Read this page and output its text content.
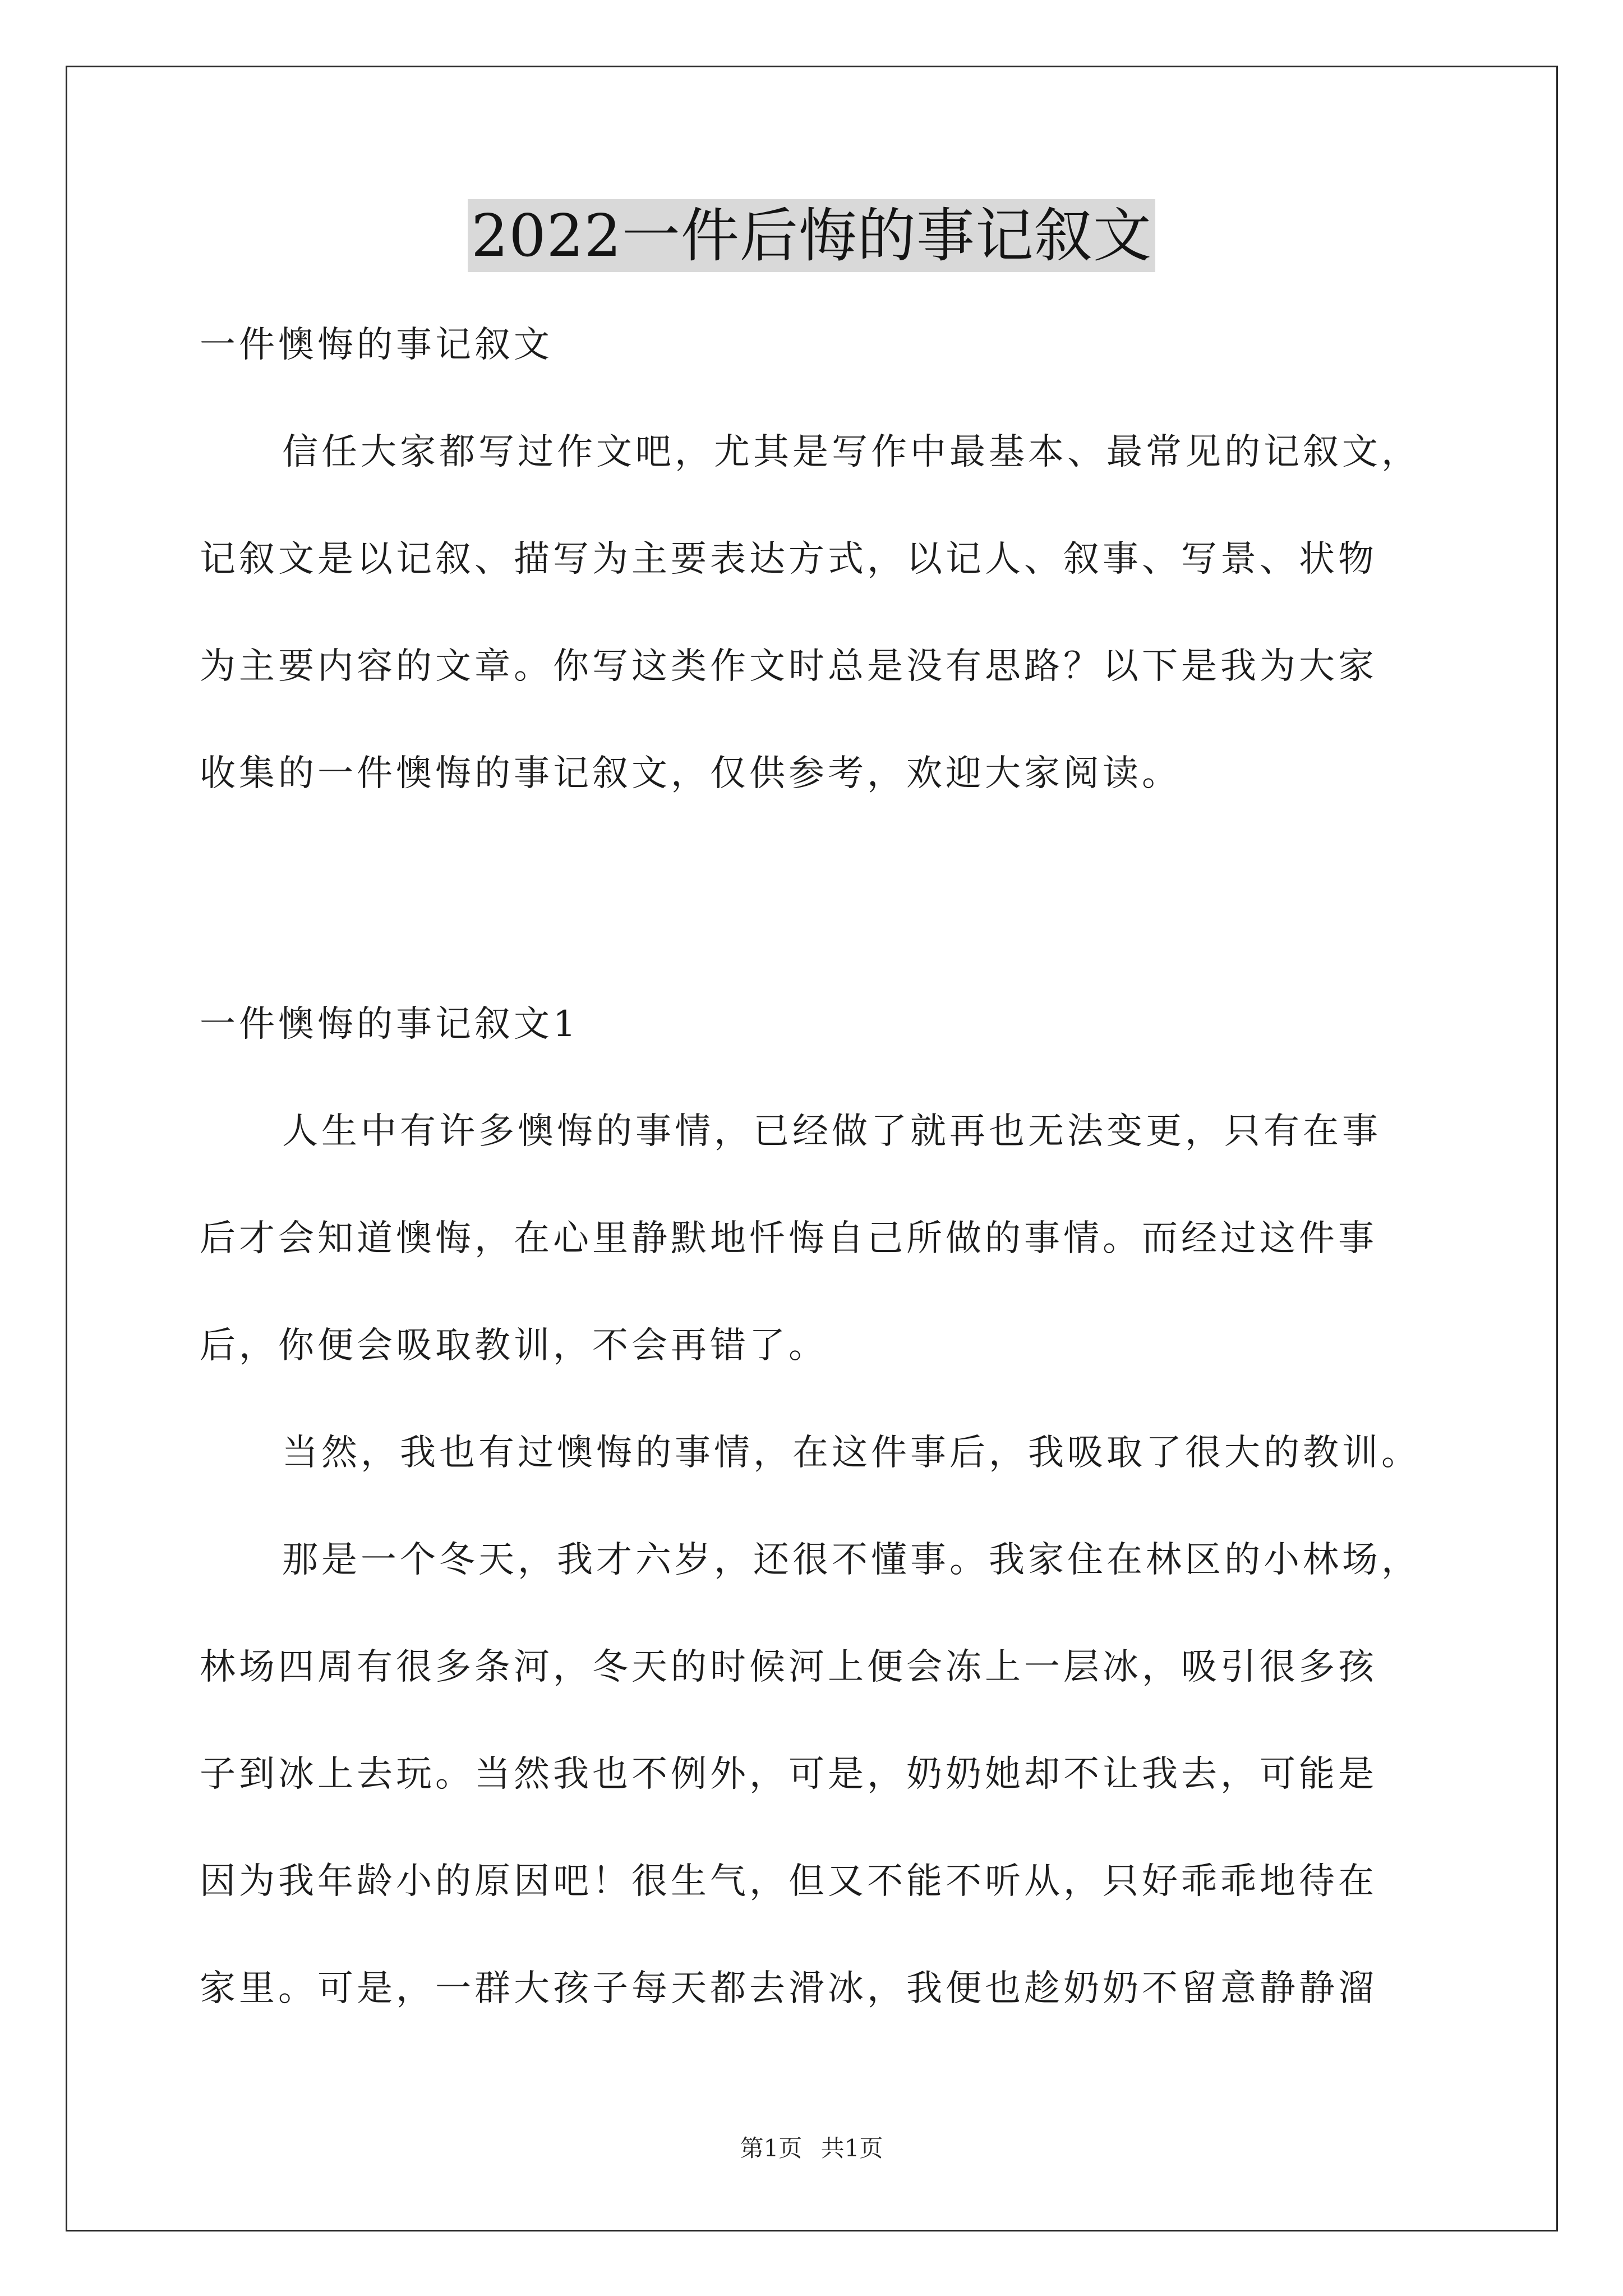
2022一件后悔的事记叙文
一件懊悔的事记叙文
信任大家都写过作文吧，尤其是写作中最基本、最常见的记叙文，
记叙文是以记叙、描写为主要表达方式，以记人、叙事、写景、状物
为主要内容的文章。你写这类作文时总是没有思路？以下是我为大家
收集的一件懊悔的事记叙文，仅供参考，欢迎大家阅读。
一件懊悔的事记叙文1
人生中有许多懊悔的事情，已经做了就再也无法变更，只有在事
后才会知道懊悔，在心里静默地忏悔自己所做的事情。而经过这件事
后，你便会吸取教训，不会再错了。
当然，我也有过懊悔的事情，在这件事后，我吸取了很大的教训。
那是一个冬天，我才六岁，还很不懂事。我家住在林区的小林场，
林场四周有很多条河，冬天的时候河上便会冻上一层冰，吸引很多孩
子到冰上去玩。当然我也不例外，可是，奶奶她却不让我去，可能是
因为我年龄小的原因吧！很生气，但又不能不听从，只好乖乖地待在
家里。可是，一群大孩子每天都去滑冰，我便也趁奶奶不留意静静溜
第1页 共1页
